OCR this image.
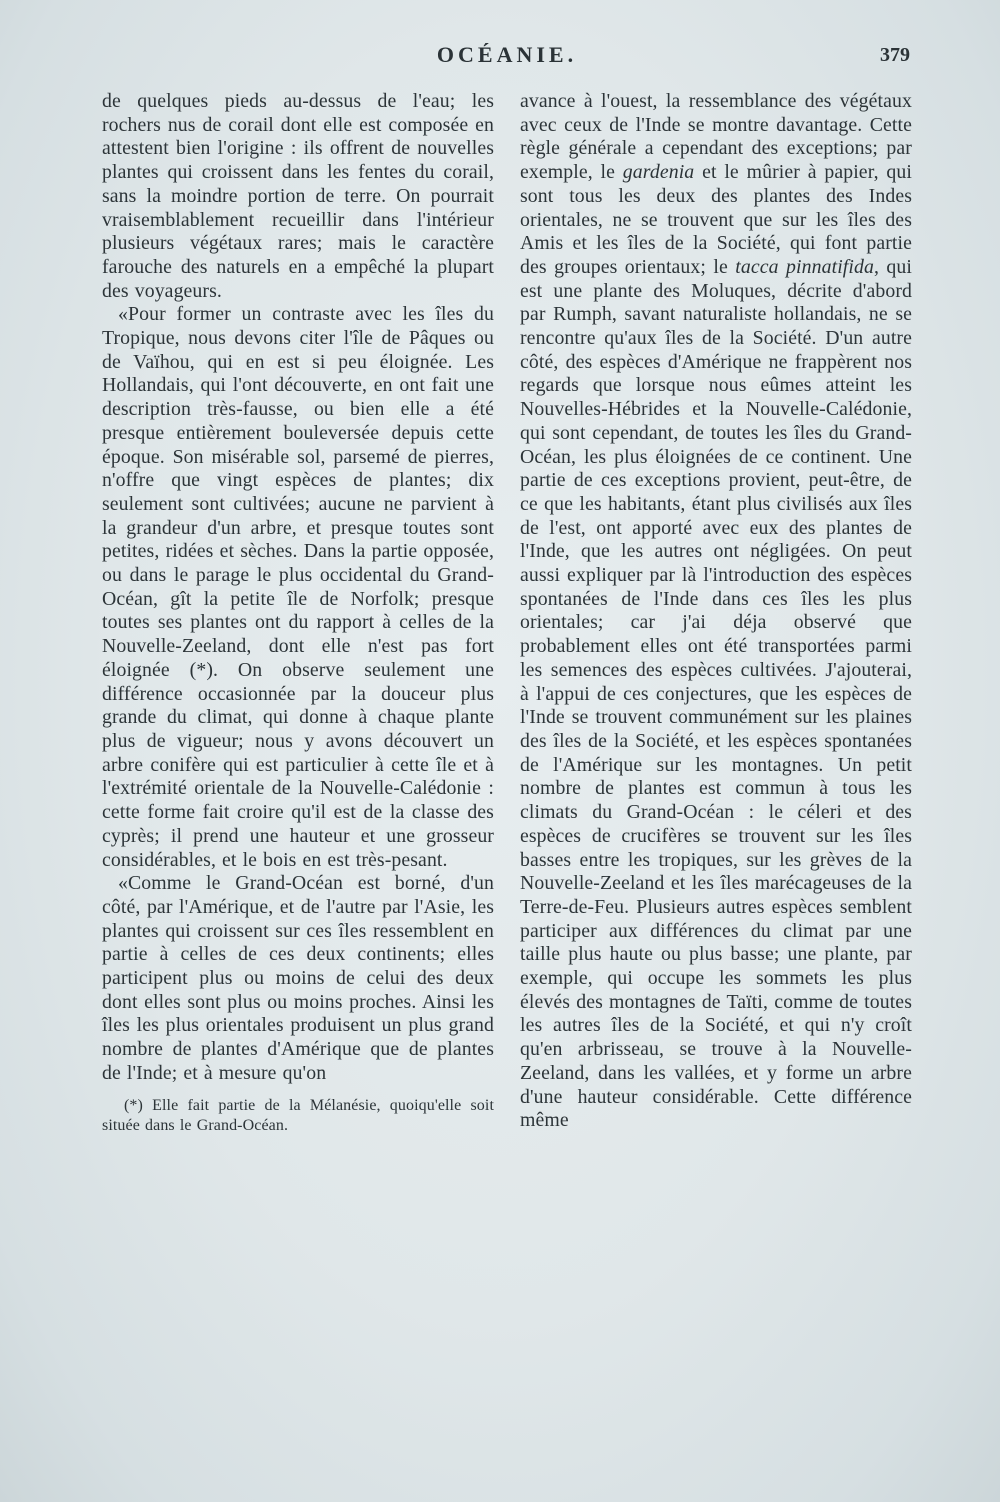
OCÉANIE.	379

de quelques pieds au-dessus de l'eau; les rochers nus de corail dont elle est composée en attestent bien l'origine : ils offrent de nouvelles plantes qui croissent dans les fentes du corail, sans la moindre portion de terre. On pourrait vraisemblablement recueillir dans l'intérieur plusieurs végétaux rares; mais le caractère farouche des naturels en a empêché la plupart des voyageurs.

«Pour former un contraste avec les îles du Tropique, nous devons citer l'île de Pâques ou de Vaïhou, qui en est si peu éloignée. Les Hollandais, qui l'ont découverte, en ont fait une description très-fausse, ou bien elle a été presque entièrement bouleversée depuis cette époque. Son misérable sol, parsemé de pierres, n'offre que vingt espèces de plantes; dix seulement sont cultivées; aucune ne parvient à la grandeur d'un arbre, et presque toutes sont petites, ridées et sèches. Dans la partie opposée, ou dans le parage le plus occidental du Grand-Océan, gît la petite île de Norfolk; presque toutes ses plantes ont du rapport à celles de la Nouvelle-Zeeland, dont elle n'est pas fort éloignée (*). On observe seulement une différence occasionnée par la douceur plus grande du climat, qui donne à chaque plante plus de vigueur; nous y avons découvert un arbre conifère qui est particulier à cette île et à l'extrémité orientale de la Nouvelle-Calédonie : cette forme fait croire qu'il est de la classe des cyprès; il prend une hauteur et une grosseur considérables, et le bois en est très-pesant.

«Comme le Grand-Océan est borné, d'un côté, par l'Amérique, et de l'autre par l'Asie, les plantes qui croissent sur ces îles ressemblent en partie à celles de ces deux continents; elles participent plus ou moins de celui des deux dont elles sont plus ou moins proches. Ainsi les îles les plus orientales produisent un plus grand nombre de plantes d'Amérique que de plantes de l'Inde; et à mesure qu'on

(*) Elle fait partie de la Mélanésie, quoiqu'elle soit située dans le Grand-Océan.

avance à l'ouest, la ressemblance des végétaux avec ceux de l'Inde se montre davantage. Cette règle générale a cependant des exceptions; par exemple, le gardenia et le mûrier à papier, qui sont tous les deux des plantes des Indes orientales, ne se trouvent que sur les îles des Amis et les îles de la Société, qui font partie des groupes orientaux; le tacca pinnatifida, qui est une plante des Moluques, décrite d'abord par Rumph, savant naturaliste hollandais, ne se rencontre qu'aux îles de la Société. D'un autre côté, des espèces d'Amérique ne frappèrent nos regards que lorsque nous eûmes atteint les Nouvelles-Hébrides et la Nouvelle-Calédonie, qui sont cependant, de toutes les îles du Grand-Océan, les plus éloignées de ce continent. Une partie de ces exceptions provient, peut-être, de ce que les habitants, étant plus civilisés aux îles de l'est, ont apporté avec eux des plantes de l'Inde, que les autres ont négligées. On peut aussi expliquer par là l'introduction des espèces spontanées de l'Inde dans ces îles les plus orientales; car j'ai déja observé que probablement elles ont été transportées parmi les semences des espèces cultivées. J'ajouterai, à l'appui de ces conjectures, que les espèces de l'Inde se trouvent communément sur les plaines des îles de la Société, et les espèces spontanées de l'Amérique sur les montagnes. Un petit nombre de plantes est commun à tous les climats du Grand-Océan : le céleri et des espèces de crucifères se trouvent sur les îles basses entre les tropiques, sur les grèves de la Nouvelle-Zeeland et les îles marécageuses de la Terre-de-Feu. Plusieurs autres espèces semblent participer aux différences du climat par une taille plus haute ou plus basse; une plante, par exemple, qui occupe les sommets les plus élevés des montagnes de Taïti, comme de toutes les autres îles de la Société, et qui n'y croît qu'en arbrisseau, se trouve à la Nouvelle-Zeeland, dans les vallées, et y forme un arbre d'une hauteur considérable. Cette différence même
